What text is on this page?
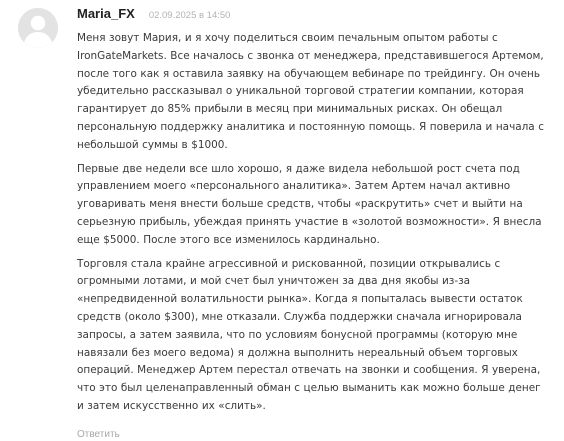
Maria_FX 02.09.2025 в 14:50

Меня зовут Мария, и я хочу поделиться своим печальным опытом работы с IronGateMarkets. Все началось с звонка от менеджера, представившегося Артемом, после того как я оставила заявку на обучающем вебинаре по трейдингу. Он очень убедительно рассказывал о уникальной торговой стратегии компании, которая гарантирует до 85% прибыли в месяц при минимальных рисках. Он обещал персональную поддержку аналитика и постоянную помощь. Я поверила и начала с небольшой суммы в $1000.

Первые две недели все шло хорошо, я даже видела небольшой рост счета под управлением моего «персонального аналитика». Затем Артем начал активно уговаривать меня внести больше средств, чтобы «раскрутить» счет и выйти на серьезную прибыль, убеждая принять участие в «золотой возможности». Я внесла еще $5000. После этого все изменилось кардинально.

Торговля стала крайне агрессивной и рискованной, позиции открывались с огромными лотами, и мой счет был уничтожен за два дня якобы из-за «непредвиденной волатильности рынка». Когда я попыталась вывести остаток средств (около $300), мне отказали. Служба поддержки сначала игнорировала запросы, а затем заявила, что по условиям бонусной программы (которую мне навязали без моего ведома) я должна выполнить нереальный объем торговых операций. Менеджер Артем перестал отвечать на звонки и сообщения. Я уверена, что это был целенаправленный обман с целью выманить как можно больше денег и затем искусственно их «слить».

Ответить
